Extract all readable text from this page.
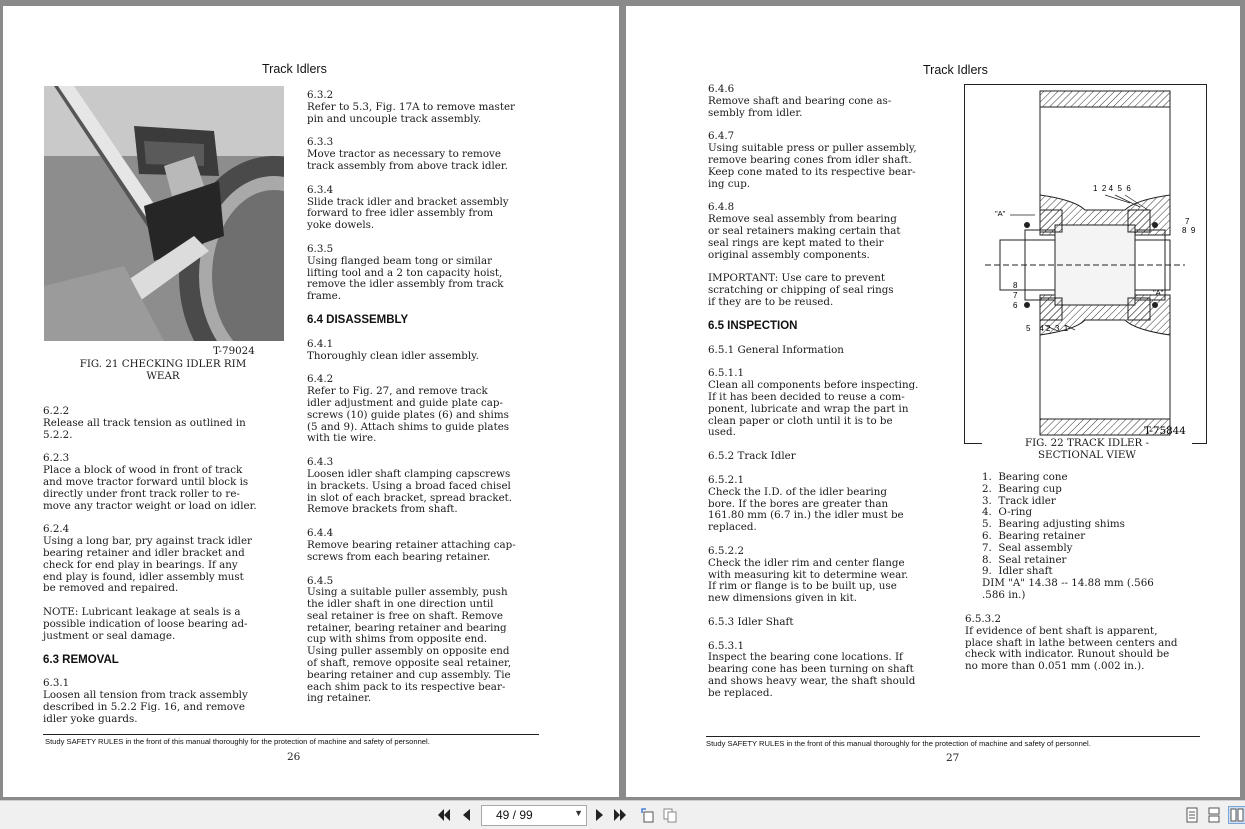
Track Idlers
T-79024
FIG. 21 CHECKING IDLER RIM
WEAR
6.2.2
Release all track tension as outlined in
5.2.2.
6.2.3
Place a block of wood in front of track
and move tractor forward until block is
directly under front track roller to re-
move any tractor weight or load on idler.
6.2.4
Using a long bar, pry against track idler
bearing retainer and idler bracket and
check for end play in bearings. If any
end play is found, idler assembly must
be removed and repaired.
NOTE: Lubricant leakage at seals is a
possible indication of loose bearing ad-
justment or seal damage.
6.3 REMOVAL
6.3.1
Loosen all tension from track assembly
described in 5.2.2 Fig. 16, and remove
idler yoke guards.
6.3.2
Refer to 5.3, Fig. 17A to remove master
pin and uncouple track assembly.
6.3.3
Move tractor as necessary to remove
track assembly from above track idler.
6.3.4
Slide track idler and bracket assembly
forward to free idler assembly from
yoke dowels.
6.3.5
Using flanged beam tong or similar
lifting tool and a 2 ton capacity hoist,
remove the idler assembly from track
frame.
6.4 DISASSEMBLY
6.4.1
Thoroughly clean idler assembly.
6.4.2
Refer to Fig. 27, and remove track
idler adjustment and guide plate cap-
screws (10) guide plates (6) and shims
(5 and 9). Attach shims to guide plates
with tie wire.
6.4.3
Loosen idler shaft clamping capscrews
in brackets. Using a broad faced chisel
in slot of each bracket, spread bracket.
Remove brackets from shaft.
6.4.4
Remove bearing retainer attaching cap-
screws from each bearing retainer.
6.4.5
Using a suitable puller assembly, push
the idler shaft in one direction until
seal retainer is free on shaft. Remove
retainer, bearing retainer and bearing
cup with shims from opposite end.
Using puller assembly on opposite end
of shaft, remove opposite seal retainer,
bearing retainer and cup assembly. Tie
each shim pack to its respective bear-
ing retainer.
Study SAFETY RULES in the front of this manual thoroughly for the protection of machine and safety of personnel.
26
Track Idlers
6.4.6
Remove shaft and bearing cone as-
sembly from idler.
6.4.7
Using suitable press or puller assembly,
remove bearing cones from idler shaft.
Keep cone mated to its respective bear-
ing cup.
6.4.8
Remove seal assembly from bearing
or seal retainers making certain that
seal rings are kept mated to their
original assembly components.
IMPORTANT: Use care to prevent
scratching or chipping of seal rings
if they are to be reused.
6.5 INSPECTION
6.5.1 General Information
6.5.1.1
Clean all components before inspecting.
If it has been decided to reuse a com-
ponent, lubricate and wrap the part in
clean paper or cloth until it is to be
used.
6.5.2 Track Idler
6.5.2.1
Check the I.D. of the idler bearing
bore. If the bores are greater than
161.80 mm (6.7 in.) the idler must be
replaced.
6.5.2.2
Check the idler rim and center flange
with measuring kit to determine wear.
If rim or flange is to be built up, use
new dimensions given in kit.
6.5.3 Idler Shaft
6.5.3.1
Inspect the bearing cone locations. If
bearing cone has been turning on shaft
and shows heavy wear, the shaft should
be replaced.
1  2 4  5  6
5    4 2  3  1
"A"
"A"
7
8  9
8
7
6
T-75844
FIG. 22 TRACK IDLER -
SECTIONAL VIEW
1.  Bearing cone
2.  Bearing cup
3.  Track idler
4.  O-ring
5.  Bearing adjusting shims
6.  Bearing retainer
7.  Seal assembly
8.  Seal retainer
9.  Idler shaft
DIM "A" 14.38 -- 14.88 mm (.566
.586 in.)
6.5.3.2
If evidence of bent shaft is apparent,
place shaft in lathe between centers and
check with indicator. Runout should be
no more than 0.051 mm (.002 in.).
Study SAFETY RULES in the front of this manual thoroughly for the protection of machine and safety of personnel.
27
49 / 99	▼
